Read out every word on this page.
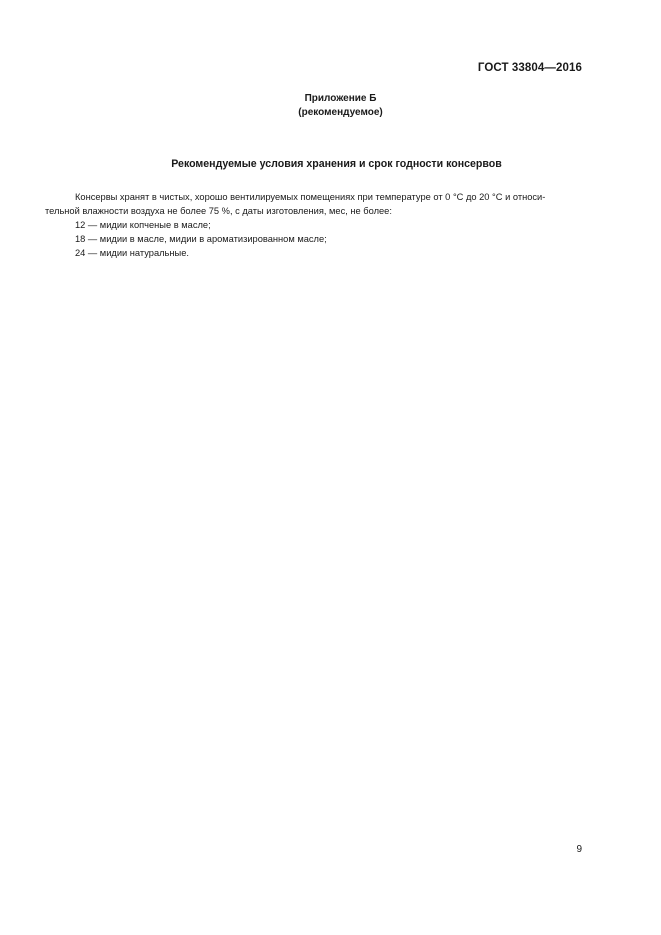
ГОСТ 33804—2016
Приложение Б
(рекомендуемое)
Рекомендуемые условия хранения и срок годности консервов
Консервы хранят в чистых, хорошо вентилируемых помещениях при температуре от 0 °С до 20 °С и относи-
тельной влажности воздуха не более 75 %, с даты изготовления, мес, не более:
12 — мидии копченые в масле;
18 — мидии в масле, мидии в ароматизированном масле;
24 — мидии натуральные.
9
